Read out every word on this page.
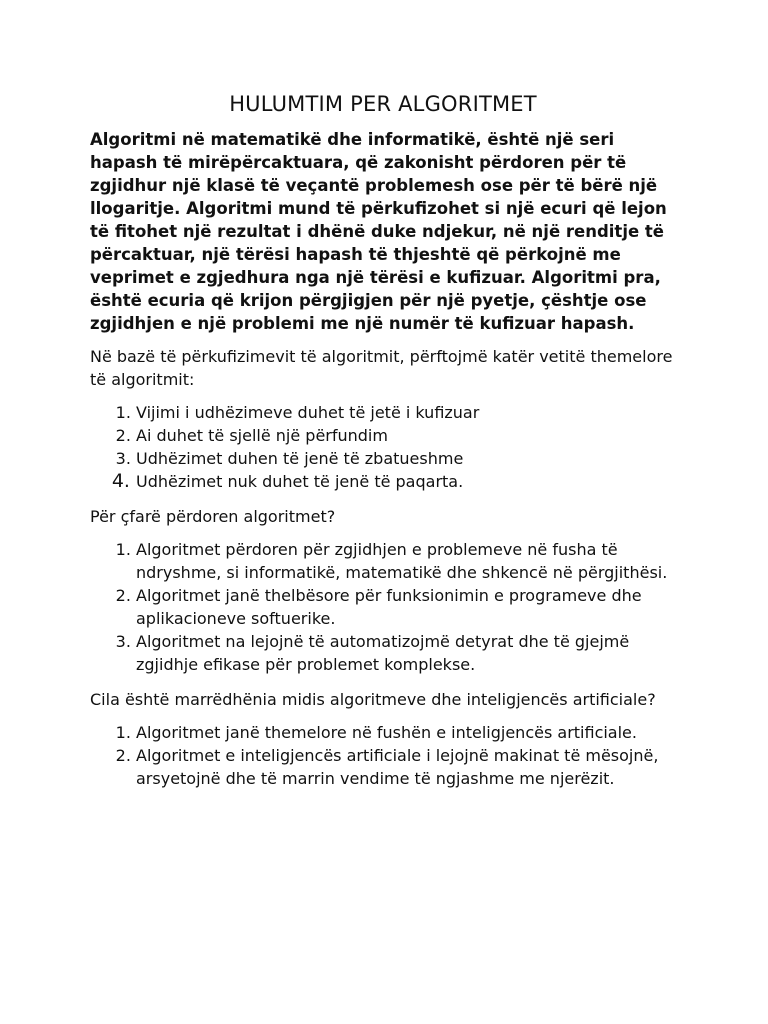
HULUMTIM PER ALGORITMET

Algoritmi në matematikë dhe informatikë, është një seri hapash të mirëpërcaktuara, që zakonisht përdoren për të zgjidhur një klasë të veçantë problemesh ose për të bërë një llogaritje. Algoritmi mund të përkufizohet si një ecuri që lejon të fitohet një rezultat i dhënë duke ndjekur, në një renditje të përcaktuar, një tërësi hapash të thjeshtë që përkojnë me veprimet e zgjedhura nga një tërësi e kufizuar. Algoritmi pra, është ecuria që krijon përgjigjen për një pyetje, çështje ose zgjidhjen e një problemi me një numër të kufizuar hapash.

Në bazë të përkufizimevit të algoritmit, përftojmë katër vetitë themelore të algoritmit:

1. Vijimi i udhëzimeve duhet të jetë i kufizuar
2. Ai duhet të sjellë një përfundim
3. Udhëzimet duhen të jenë të zbatueshme
4. Udhëzimet nuk duhet të jenë të paqarta.

Për çfarë përdoren algoritmet?

1. Algoritmet përdoren për zgjidhjen e problemeve në fusha të ndryshme, si informatikë, matematikë dhe shkencë në përgjithësi.
2. Algoritmet janë thelbësore për funksionimin e programeve dhe aplikacioneve softuerike.
3. Algoritmet na lejojnë të automatizojmë detyrat dhe të gjejmë zgjidhje efikase për problemet komplekse.

Cila është marrëdhënia midis algoritmeve dhe inteligjencës artificiale?

1. Algoritmet janë themelore në fushën e inteligjencës artificiale.
2. Algoritmet e inteligjencës artificiale i lejojnë makinat të mësojnë, arsyetojnë dhe të marrin vendime të ngjashme me njerëzit.
